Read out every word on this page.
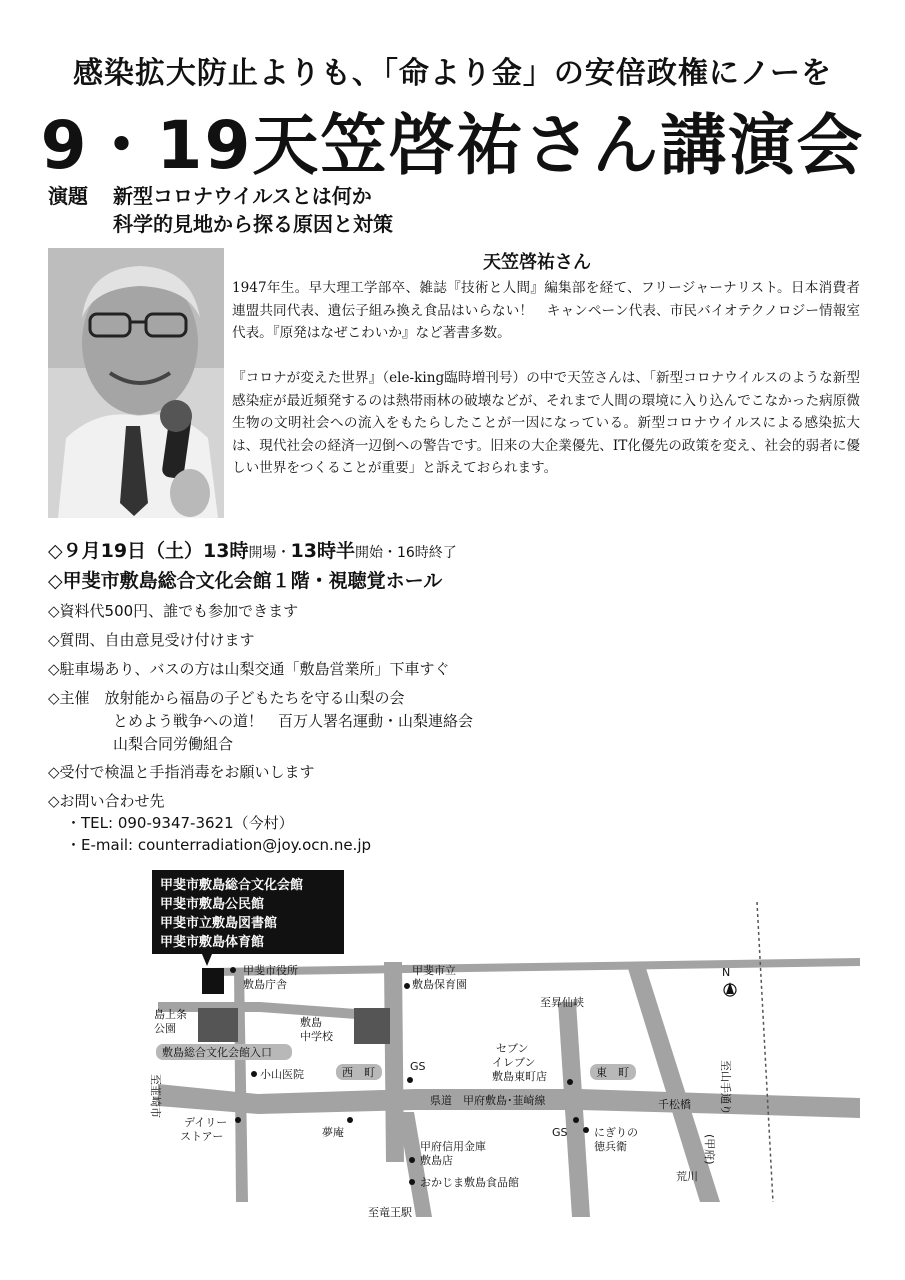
感染拡大防止よりも、「命より金」の安倍政権にノーを
9・19天笠啓祐さん講演会
演題 新型コロナウイルスとは何か
科学的見地から探る原因と対策
天笠啓祐さん

1947年生。早大理工学部卒、雑誌『技術と人間』編集部を経て、フリージャーナリスト。日本消費者連盟共同代表、遺伝子組み換え食品はいらない！　キャンペーン代表、市民バイオテクノロジー情報室代表。『原発はなぜこわいか』など著書多数。

『コロナが変えた世界』（ele-king臨時増刊号）の中で天笠さんは、「新型コロナウイルスのような新型感染症が最近頻発するのは熱帯雨林の破壊などが、それまで人間の環境に入り込んでこなかった病原微生物の文明社会への流入をもたらしたことが一因になっている。新型コロナウイルスによる感染拡大は、現代社会の経済一辺倒への警告です。旧来の大企業優先、IT化優先の政策を変え、社会的弱者に優しい世界をつくることが重要」と訴えておられます。

◇９月19日（土）13時開場・13時半開始・16時終了
◇甲斐市敷島総合文化会館１階・視聴覚ホール
◇資料代500円、誰でも参加できます
◇質問、自由意見受け付けます
◇駐車場あり、バスの方は山梨交通「敷島営業所」下車すぐ
◇主催　放射能から福島の子どもたちを守る山梨の会
とめよう戦争への道！　百万人署名運動・山梨連絡会
山梨合同労働組合
◇受付で検温と手指消毒をお願いします
◇お問い合わせ先
・TEL: 090-9347-3621（今村）
・E-mail: counterradiation@joy.ocn.ne.jp
甲斐市敷島総合文化会館
甲斐市敷島公民館
甲斐市立敷島図書館
甲斐市敷島体育館
甲斐市役所
敷島庁舎
甲斐市立
敷島保育園
至昇仙峡
島上条
公園	敷島
中学校
敷島総合文化会館入口
西　町	東　町
GS
セブン
イレブン
敷島東町店	至山手通り
(甲府)
至韮崎市	小山医院
県道　甲府敷島･韮崎線	千松橋
デイリー
ストアー	夢庵	GS にぎりの
徳兵衛
甲府信用金庫
敷島店
おかじま敷島食品館
至竜王駅
荒川
N
